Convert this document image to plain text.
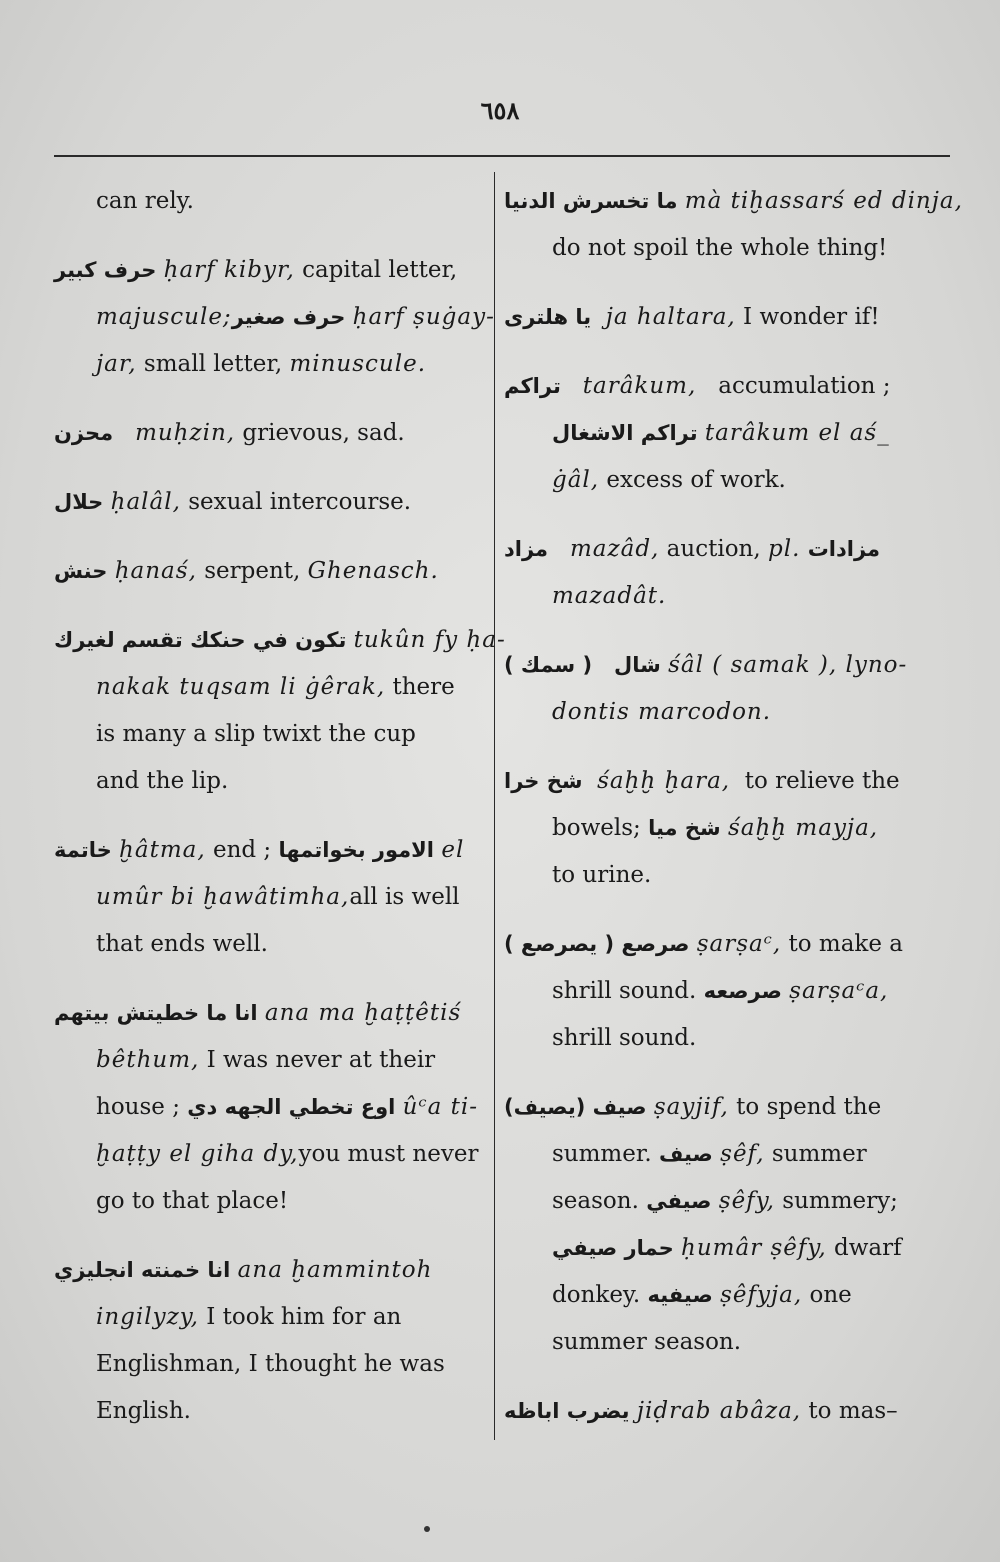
٦٥٨
can rely.
حرف كبير ḥarf kibyr, capital letter,
majuscule;حرف صغير ḥarf ṣuġay-
jar, small letter, minuscule.
محزن muḥzin, grievous, sad.
حلال ḥalâl, sexual intercourse.
حنش ḥanaś, serpent, Ghenasch.
تكون في حنكك تقسم لغيرك tukûn fy ḥa-
nakak tuqsam li ġêrak, there
is many a slip twixt the cup
and the lip.
خاتمة ḫâtma, end ; الامور بخواتمها el
umûr bi ḫawâtimha,all is well
that ends well.
انا ما خطيتش بيتهم ana ma ḫaṭṭêtiś
bêthum, I was never at their
house ; اوع تخطي الجهه دي ûᶜa ti-
ḫaṭṭy el giha dy,you must never
go to that place!
انا خمنته انجليزي ana ḫammintoh
ingilyzy, I took him for an
Englishman, I thought he was
English.
ما تخسرش الدنيا mà tiḫassarś ed dinja,
do not spoil the whole thing!
يا هلترى ja haltara, I wonder if!
تراكم tarâkum, accumulation ;
تراكم الاشغال tarâkum el aś_
ġâl, excess of work.
مزاد mazâd, auction, pl. مزادات
mazadât.
شال   ( سمك )	śâl ( samak ), lyno-
dontis marcodon.
شخ خرا śaḫḫ ḫara, to relieve the
bowels; شخ ميا śaḫḫ mayja,
to urine.
صرصع ( يصرصع ) ṣarṣaᶜ, to make a
shrill sound. صرصعه ṣarṣaᶜa,
shrill sound.
صيف (يصيف) ṣayjif, to spend the
summer. صيف ṣêf, summer
season. صيفي ṣêfy, summery;
حمار صيفي ḥumâr ṣêfy, dwarf
donkey. صيفيه ṣêfyja, one
summer season.
يضرب اباظه jiḍrab abâza, to mas–
